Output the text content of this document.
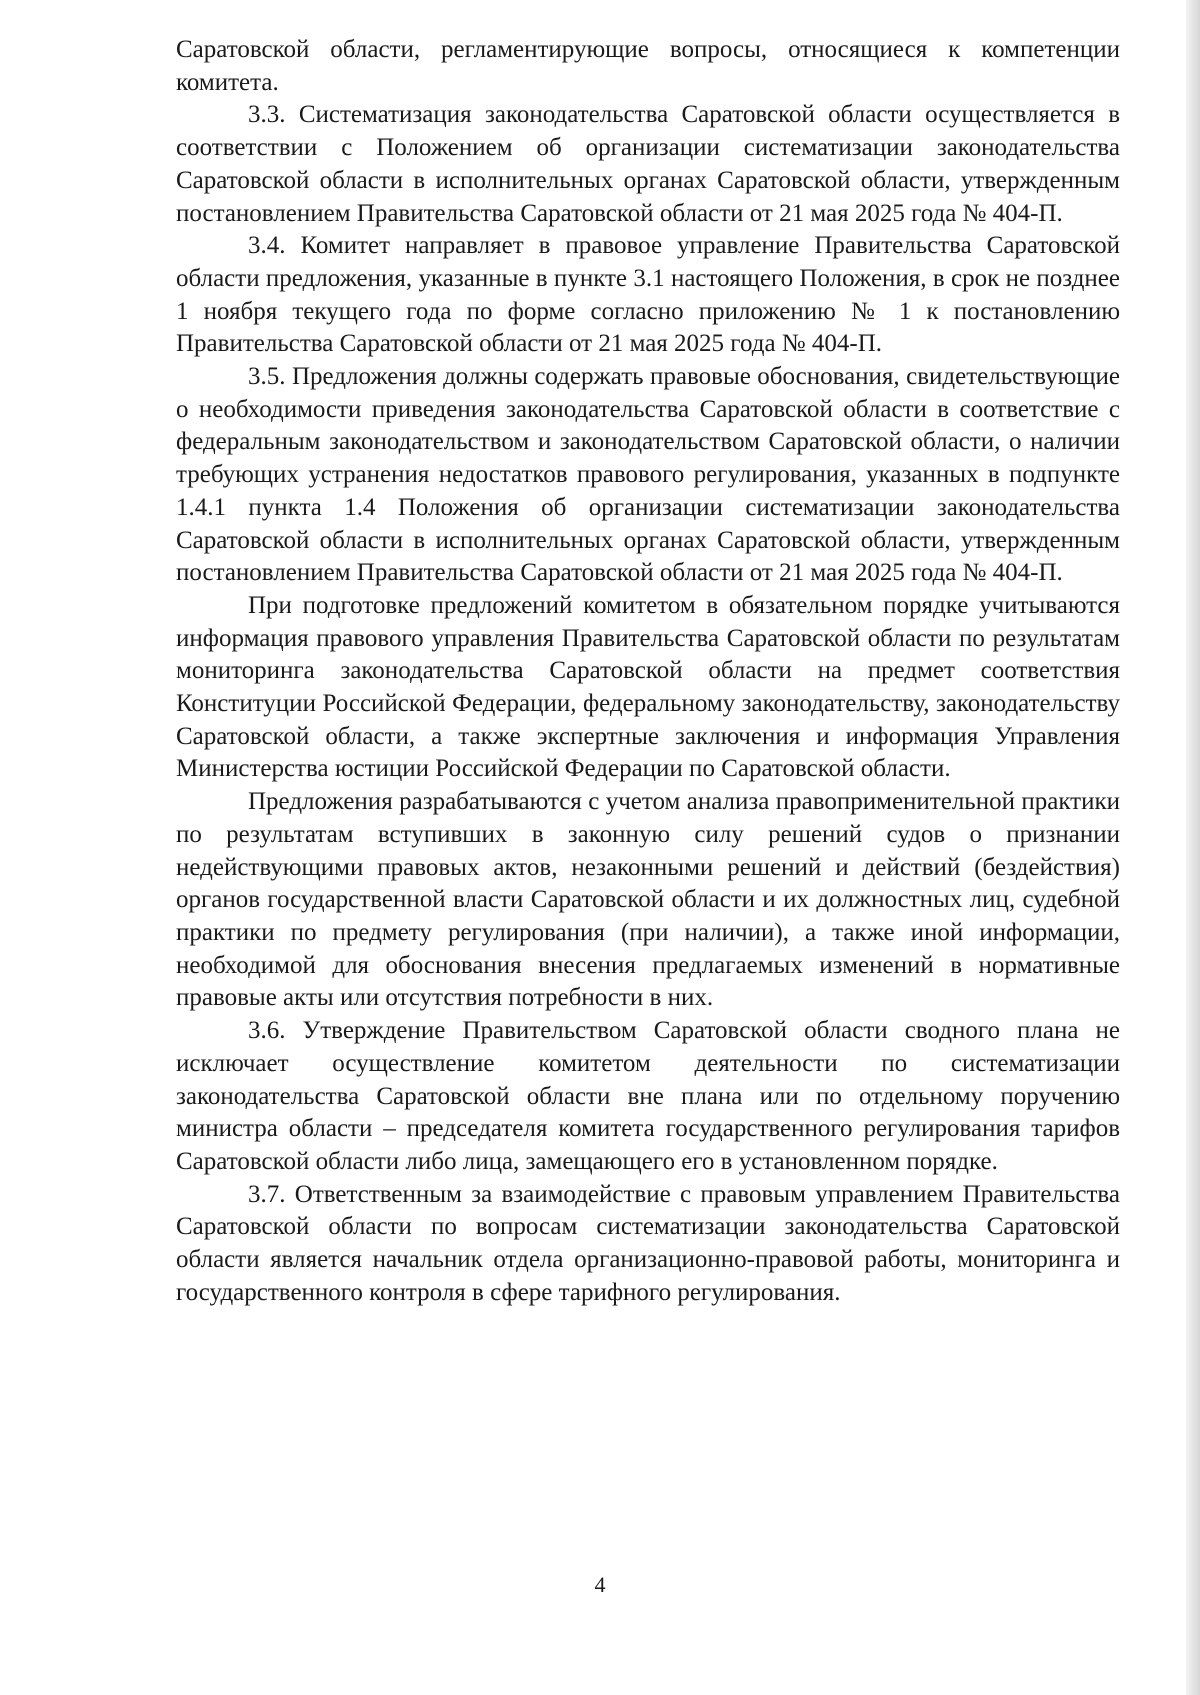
Саратовской области, регламентирующие вопросы, относящиеся к компетенции комитета.

3.3. Систематизация законодательства Саратовской области осуществляется в соответствии с Положением об организации систематизации законодательства Саратовской области в исполнительных органах Саратовской области, утвержденным постановлением Правительства Саратовской области от 21 мая 2025 года № 404-П.

3.4. Комитет направляет в правовое управление Правительства Саратовской области предложения, указанные в пункте 3.1 настоящего Положения, в срок не позднее 1 ноября текущего года по форме согласно приложению № 1 к постановлению Правительства Саратовской области от 21 мая 2025 года № 404-П.

3.5. Предложения должны содержать правовые обоснования, свидетельствующие о необходимости приведения законодательства Саратовской области в соответствие с федеральным законодательством и законодательством Саратовской области, о наличии требующих устранения недостатков правового регулирования, указанных в подпункте 1.4.1 пункта 1.4 Положения об организации систематизации законодательства Саратовской области в исполнительных органах Саратовской области, утвержденным постановлением Правительства Саратовской области от 21 мая 2025 года № 404-П.

При подготовке предложений комитетом в обязательном порядке учитываются информация правового управления Правительства Саратовской области по результатам мониторинга законодательства Саратовской области на предмет соответствия Конституции Российской Федерации, федеральному законодательству, законодательству Саратовской области, а также экспертные заключения и информация Управления Министерства юстиции Российской Федерации по Саратовской области.

Предложения разрабатываются с учетом анализа правоприменительной практики по результатам вступивших в законную силу решений судов о признании недействующими правовых актов, незаконными решений и действий (бездействия) органов государственной власти Саратовской области и их должностных лиц, судебной практики по предмету регулирования (при наличии), а также иной информации, необходимой для обоснования внесения предлагаемых изменений в нормативные правовые акты или отсутствия потребности в них.

3.6. Утверждение Правительством Саратовской области сводного плана не исключает осуществление комитетом деятельности по систематизации законодательства Саратовской области вне плана или по отдельному поручению министра области – председателя комитета государственного регулирования тарифов Саратовской области либо лица, замещающего его в установленном порядке.

3.7. Ответственным за взаимодействие с правовым управлением Правительства Саратовской области по вопросам систематизации законодательства Саратовской области является начальник отдела организационно-правовой работы, мониторинга и государственного контроля в сфере тарифного регулирования.

4
